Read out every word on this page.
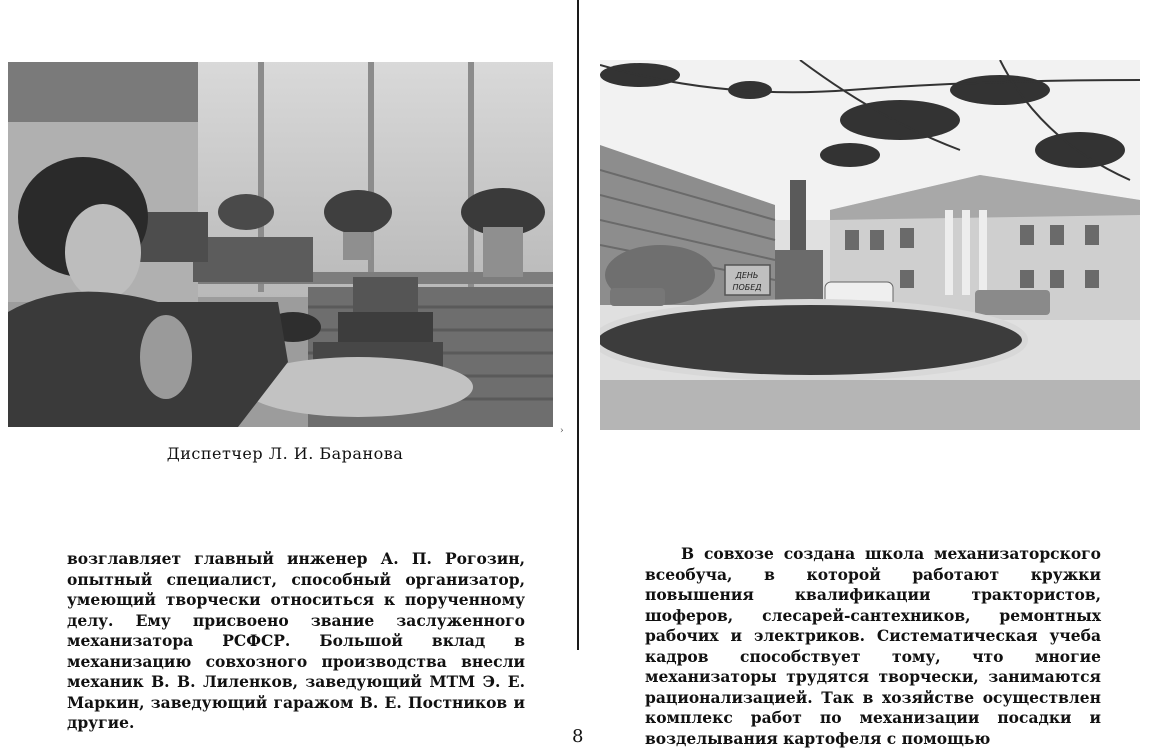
ДЕНЬ
ПОБЕД
›
Диспетчер Л. И. Баранова

возглавляет главный инженер А. П. Рогозин, опытный специалист, способный организатор, умеющий творчески относиться к порученному делу. Ему присвоено звание заслуженного механизатора РСФСР. Большой вклад в механизацию совхозного производства внесли механик В. В. Лиленков, заведующий МТМ Э. Е. Маркин, заведующий гаражом В. Е. Постников и другие.

В совхозе создана школа механизаторского всеобуча, в которой работают кружки повышения квалификации трактористов, шоферов, слесарей-сантехников, ремонтных рабочих и электриков. Систематическая учеба кадров способствует тому, что многие механизаторы трудятся творчески, занимаются рационализацией. Так в хозяйстве осуществлен комплекс работ по механизации посадки и возделывания картофеля с помощью

8
